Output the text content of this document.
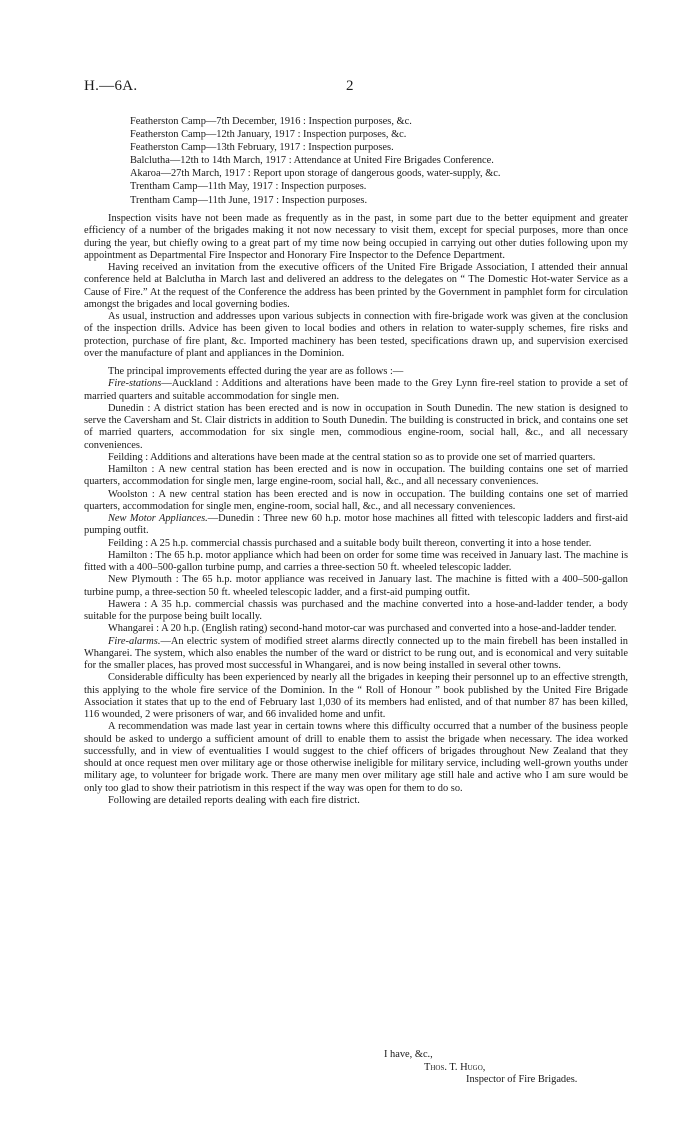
H.—6A.	2
Featherston Camp—7th December, 1916 : Inspection purposes, &c.
Featherston Camp—12th January, 1917 : Inspection purposes, &c.
Featherston Camp—13th February, 1917 : Inspection purposes.
Balclutha—12th to 14th March, 1917 : Attendance at United Fire Brigades Conference.
Akaroa—27th March, 1917 : Report upon storage of dangerous goods, water-supply, &c.
Trentham Camp—11th May, 1917 : Inspection purposes.
Trentham Camp—11th June, 1917 : Inspection purposes.

Inspection visits have not been made as frequently as in the past, in some part due to the better equipment and greater efficiency of a number of the brigades making it not now necessary to visit them, except for special purposes, more than once during the year, but chiefly owing to a great part of my time now being occupied in carrying out other duties following upon my appointment as Departmental Fire Inspector and Honorary Fire Inspector to the Defence Department.

Having received an invitation from the executive officers of the United Fire Brigade Association, I attended their annual conference held at Balclutha in March last and delivered an address to the delegates on “ The Domestic Hot-water Service as a Cause of Fire.” At the request of the Conference the address has been printed by the Government in pamphlet form for circulation amongst the brigades and local governing bodies.

As usual, instruction and addresses upon various subjects in connection with fire-brigade work was given at the conclusion of the inspection drills. Advice has been given to local bodies and others in relation to water-supply schemes, fire risks and protection, purchase of fire plant, &c. Imported machinery has been tested, specifications drawn up, and supervision exercised over the manufacture of plant and appliances in the Dominion.

The principal improvements effected during the year are as follows :—

Fire-stations—Auckland : Additions and alterations have been made to the Grey Lynn fire-reel station to provide a set of married quarters and suitable accommodation for single men.

Dunedin : A district station has been erected and is now in occupation in South Dunedin. The new station is designed to serve the Caversham and St. Clair districts in addition to South Dunedin. The building is constructed in brick, and contains one set of married quarters, accommodation for six single men, commodious engine-room, social hall, &c., and all necessary conveniences.

Feilding : Additions and alterations have been made at the central station so as to provide one set of married quarters.

Hamilton : A new central station has been erected and is now in occupation. The building contains one set of married quarters, accommodation for single men, large engine-room, social hall, &c., and all necessary conveniences.

Woolston : A new central station has been erected and is now in occupation. The building contains one set of married quarters, accommodation for single men, engine-room, social hall, &c., and all necessary conveniences.

New Motor Appliances.—Dunedin : Three new 60 h.p. motor hose machines all fitted with telescopic ladders and first-aid pumping outfit.

Feilding : A 25 h.p. commercial chassis purchased and a suitable body built thereon, converting it into a hose tender.

Hamilton : The 65 h.p. motor appliance which had been on order for some time was received in January last. The machine is fitted with a 400–500-gallon turbine pump, and carries a three-section 50 ft. wheeled telescopic ladder.

New Plymouth : The 65 h.p. motor appliance was received in January last. The machine is fitted with a 400–500-gallon turbine pump, a three-section 50 ft. wheeled telescopic ladder, and a first-aid pumping outfit.

Hawera : A 35 h.p. commercial chassis was purchased and the machine converted into a hose-and-ladder tender, a body suitable for the purpose being built locally.

Whangarei : A 20 h.p. (English rating) second-hand motor-car was purchased and converted into a hose-and-ladder tender.

Fire-alarms.—An electric system of modified street alarms directly connected up to the main firebell has been installed in Whangarei. The system, which also enables the number of the ward or district to be rung out, and is economical and very suitable for the smaller places, has proved most successful in Whangarei, and is now being installed in several other towns.

Considerable difficulty has been experienced by nearly all the brigades in keeping their personnel up to an effective strength, this applying to the whole fire service of the Dominion. In the “ Roll of Honour ” book published by the United Fire Brigade Association it states that up to the end of February last 1,030 of its members had enlisted, and of that number 87 has been killed, 116 wounded, 2 were prisoners of war, and 66 invalided home and unfit.

A recommendation was made last year in certain towns where this difficulty occurred that a number of the business people should be asked to undergo a sufficient amount of drill to enable them to assist the brigade when necessary. The idea worked successfully, and in view of eventualities I would suggest to the chief officers of brigades throughout New Zealand that they should at once request men over military age or those otherwise ineligible for military service, including well-grown youths under military age, to volunteer for brigade work. There are many men over military age still hale and active who I am sure would be only too glad to show their patriotism in this respect if the way was open for them to do so.

Following are detailed reports dealing with each fire district.

I have, &c.,
Thos. T. Hugo,
Inspector of Fire Brigades.
